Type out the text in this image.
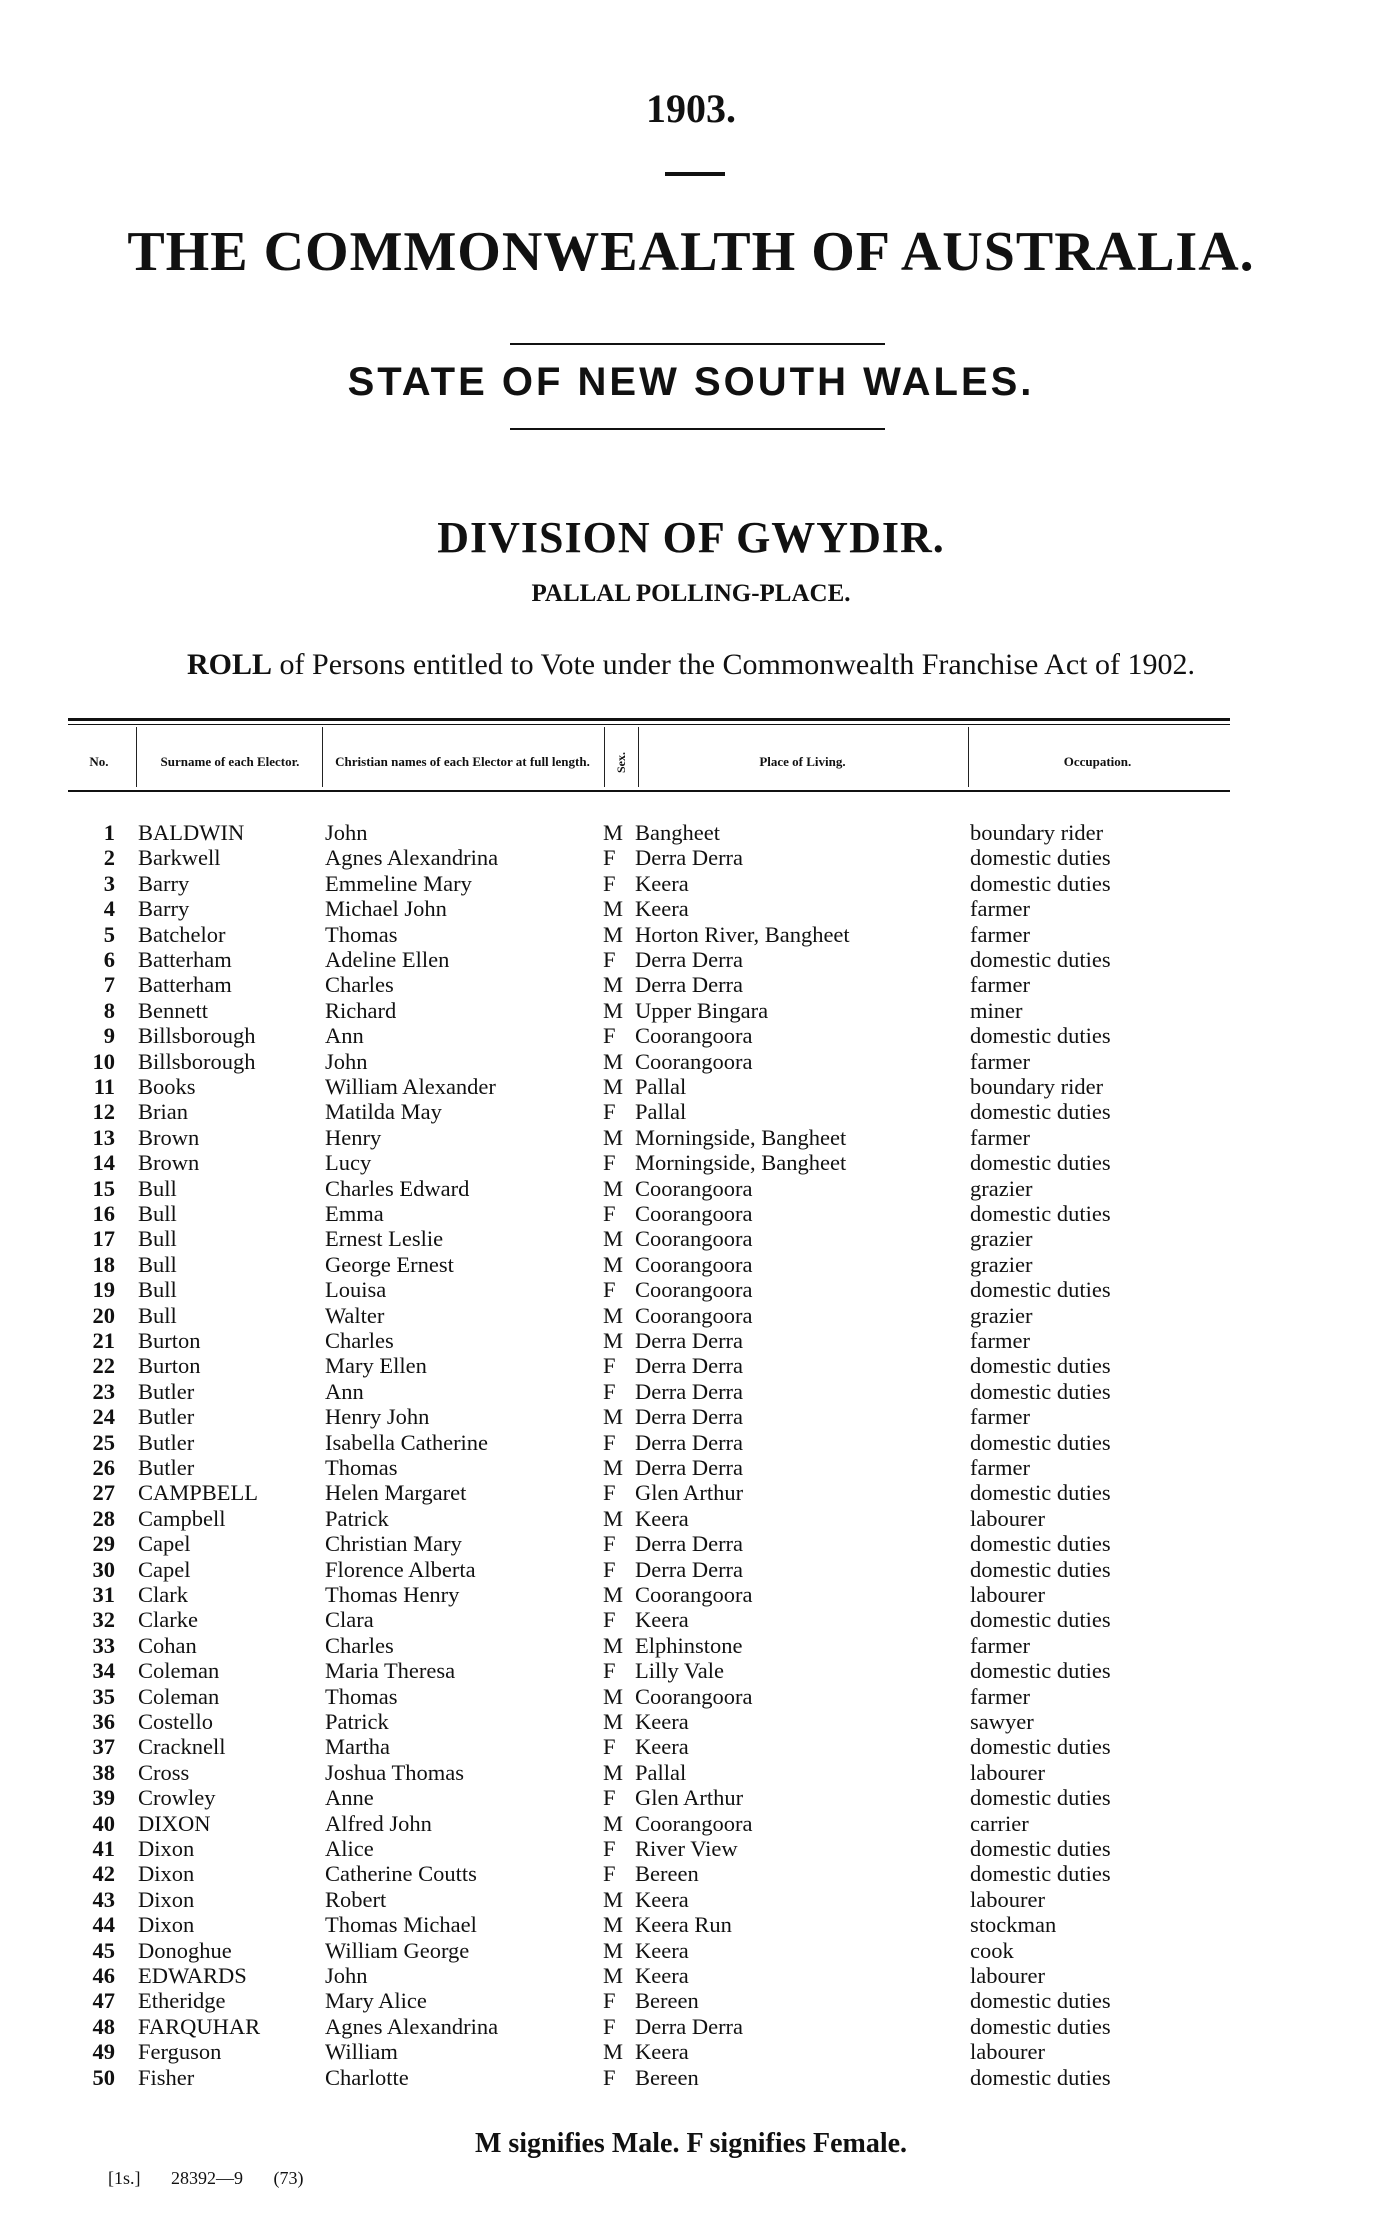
1903.
THE COMMONWEALTH OF AUSTRALIA.
STATE OF NEW SOUTH WALES.
DIVISION OF GWYDIR.
PALLAL POLLING-PLACE.
ROLL of Persons entitled to Vote under the Commonwealth Franchise Act of 1902.
No.	Surname of each Elector.	Christian names of each Elector at full length.	Sex.	Place of Living.	Occupation.
1 BALDWIN	John	M Bangheet	boundary rider
2 Barkwell	Agnes Alexandrina	F Derra Derra	domestic duties
3 Barry	Emmeline Mary	F Keera	domestic duties
4 Barry	Michael John	M Keera	farmer
5 Batchelor	Thomas	M Horton River, Bangheet	farmer
6 Batterham	Adeline Ellen	F Derra Derra	domestic duties
7 Batterham	Charles	M Derra Derra	farmer
8 Bennett	Richard	M Upper Bingara	miner
9 Billsborough	Ann	F Coorangoora	domestic duties
10 Billsborough	John	M Coorangoora	farmer
11 Books	William Alexander	M Pallal	boundary rider
12 Brian	Matilda May	F Pallal	domestic duties
13 Brown	Henry	M Morningside, Bangheet	farmer
14 Brown	Lucy	F Morningside, Bangheet	domestic duties
15 Bull	Charles Edward	M Coorangoora	grazier
16 Bull	Emma	F Coorangoora	domestic duties
17 Bull	Ernest Leslie	M Coorangoora	grazier
18 Bull	George Ernest	M Coorangoora	grazier
19 Bull	Louisa	F Coorangoora	domestic duties
20 Bull	Walter	M Coorangoora	grazier
21 Burton	Charles	M Derra Derra	farmer
22 Burton	Mary Ellen	F Derra Derra	domestic duties
23 Butler	Ann	F Derra Derra	domestic duties
24 Butler	Henry John	M Derra Derra	farmer
25 Butler	Isabella Catherine	F Derra Derra	domestic duties
26 Butler	Thomas	M Derra Derra	farmer
27 CAMPBELL	Helen Margaret	F Glen Arthur	domestic duties
28 Campbell	Patrick	M Keera	labourer
29 Capel	Christian Mary	F Derra Derra	domestic duties
30 Capel	Florence Alberta	F Derra Derra	domestic duties
31 Clark	Thomas Henry	M Coorangoora	labourer
32 Clarke	Clara	F Keera	domestic duties
33 Cohan	Charles	M Elphinstone	farmer
34 Coleman	Maria Theresa	F Lilly Vale	domestic duties
35 Coleman	Thomas	M Coorangoora	farmer
36 Costello	Patrick	M Keera	sawyer
37 Cracknell	Martha	F Keera	domestic duties
38 Cross	Joshua Thomas	M Pallal	labourer
39 Crowley	Anne	F Glen Arthur	domestic duties
40 DIXON	Alfred John	M Coorangoora	carrier
41 Dixon	Alice	F River View	domestic duties
42 Dixon	Catherine Coutts	F Bereen	domestic duties
43 Dixon	Robert	M Keera	labourer
44 Dixon	Thomas Michael	M Keera Run	stockman
45 Donoghue	William George	M Keera	cook
46 EDWARDS	John	M Keera	labourer
47 Etheridge	Mary Alice	F Bereen	domestic duties
48 FARQUHAR	Agnes Alexandrina	F Derra Derra	domestic duties
49 Ferguson	William	M Keera	labourer
50 Fisher	Charlotte	F Bereen	domestic duties
M signifies Male. F signifies Female.
[1s.] 28392—9 (73)
